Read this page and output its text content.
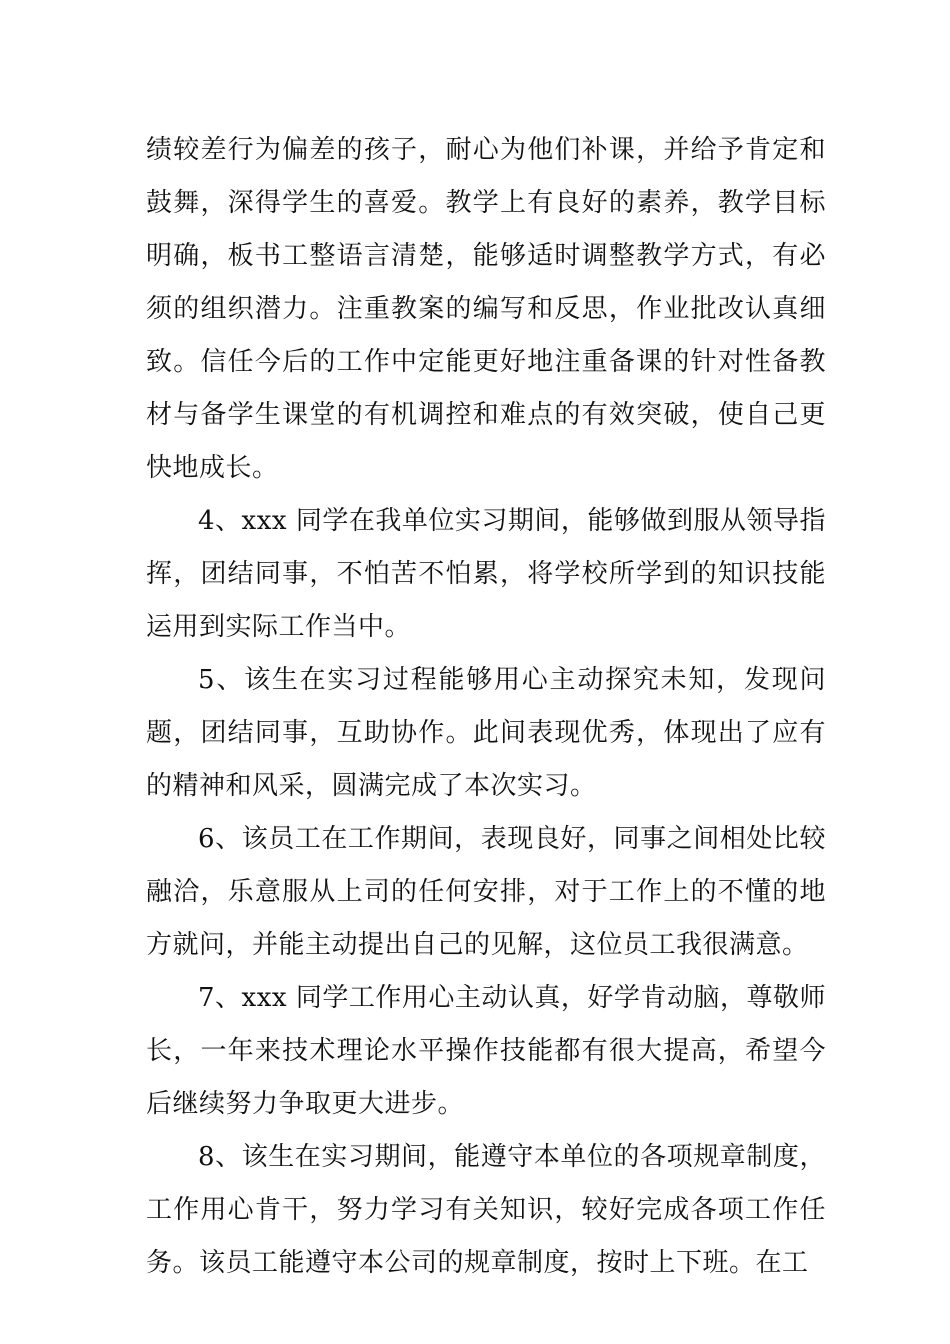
绩较差行为偏差的孩子，耐心为他们补课，并给予肯定和鼓舞，深得学生的喜爱。教学上有良好的素养，教学目标明确，板书工整语言清楚，能够适时调整教学方式，有必须的组织潜力。注重教案的编写和反思，作业批改认真细致。信任今后的工作中定能更好地注重备课的针对性备教材与备学生课堂的有机调控和难点的有效突破，使自己更快地成长。

4、xxx 同学在我单位实习期间，能够做到服从领导指挥，团结同事，不怕苦不怕累，将学校所学到的知识技能运用到实际工作当中。

5、该生在实习过程能够用心主动探究未知，发现问题，团结同事，互助协作。此间表现优秀，体现出了应有的精神和风采，圆满完成了本次实习。

6、该员工在工作期间，表现良好，同事之间相处比较融洽，乐意服从上司的任何安排，对于工作上的不懂的地方就问，并能主动提出自己的见解，这位员工我很满意。

7、xxx 同学工作用心主动认真，好学肯动脑，尊敬师长，一年来技术理论水平操作技能都有很大提高，希望今后继续努力争取更大进步。

8、该生在实习期间，能遵守本单位的各项规章制度，工作用心肯干，努力学习有关知识，较好完成各项工作任务。该员工能遵守本公司的规章制度，按时上下班。在工
